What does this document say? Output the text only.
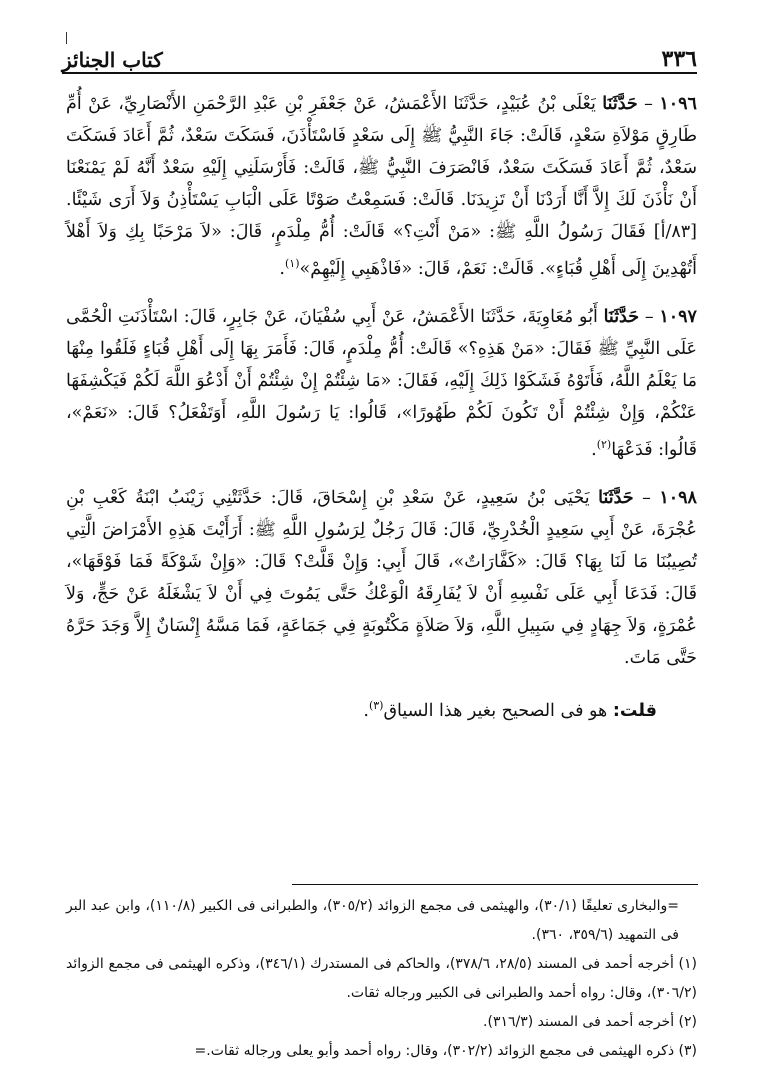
٣٣٦
كتاب الجنائز

١٠٩٦ – حَدَّثَنَا يَعْلَى بْنُ عُبَيْدٍ، حَدَّثَنَا الأَعْمَشُ، عَنْ جَعْفَرِ بْنِ عَبْدِ الرَّحْمَنِ الأَنْصَارِيِّ، عَنْ أُمِّ طَارِقٍ مَوْلاَةِ سَعْدٍ، قَالَتْ: جَاءَ النَّبِيُّ ﷺ إِلَى سَعْدٍ فَاسْتَأْذَنَ، فَسَكَتَ سَعْدٌ، ثُمَّ أَعَادَ فَسَكَتَ سَعْدٌ، ثُمَّ أَعَادَ فَسَكَتَ سَعْدٌ، فَانْصَرَفَ النَّبِيُّ ﷺ، قَالَتْ: فَأَرْسَلَنِي إِلَيْهِ سَعْدٌ أَنَّهُ لَمْ يَمْنَعْنَا أَنْ نَأْذَنَ لَكَ إِلاَّ أَنَّا أَرَدْنَا أَنْ تَزِيدَنَا. قَالَتْ: فَسَمِعْتُ صَوْتًا عَلَى الْبَابِ يَسْتَأْذِنُ وَلاَ أَرَى شَيْئًا. [٨٣/أ] فَقَالَ رَسُولُ اللَّهِ ﷺ: «مَنْ أَنْتِ؟» قَالَتْ: أُمُّ مِلْدَمٍ، قَالَ: «لاَ مَرْحَبًا بِكِ وَلاَ أَهْلاً أَتُهْدِينَ إِلَى أَهْلِ قُبَاءٍ». قَالَتْ: نَعَمْ، قَالَ: «فَاذْهَبِي إِلَيْهِمْ»$^{(١)}$.

١٠٩٧ – حَدَّثَنَا أَبُو مُعَاوِيَةَ، حَدَّثَنَا الأَعْمَشُ، عَنْ أَبِي سُفْيَانَ، عَنْ جَابِرٍ، قَالَ: اسْتَأْذَنَتِ الْحُمَّى عَلَى النَّبِيِّ ﷺ فَقَالَ: «مَنْ هَذِهِ؟» قَالَتْ: أُمُّ مِلْدَمٍ، قَالَ: فَأَمَرَ بِهَا إِلَى أَهْلِ قُبَاءٍ فَلَقُوا مِنْهَا مَا يَعْلَمُ اللَّهُ، فَأَتَوْهُ فَشَكَوْا ذَلِكَ إِلَيْهِ، فَقَالَ: «مَا شِئْتُمْ إِنْ شِئْتُمْ أَنْ أَدْعُوَ اللَّهَ لَكُمْ فَيَكْشِفَهَا عَنْكُمْ، وَإِنْ شِئْتُمْ أَنْ تَكُونَ لَكُمْ طَهُورًا»، قَالُوا: يَا رَسُولَ اللَّهِ، أَوَتَفْعَلُ؟ قَالَ: «نَعَمْ»، قَالُوا: فَدَعْهَا$^{(٢)}$.

١٠٩٨ – حَدَّثَنَا يَحْيَى بْنُ سَعِيدٍ، عَنْ سَعْدِ بْنِ إِسْحَاقَ، قَالَ: حَدَّثَتْنِي زَيْنَبُ ابْنَةُ كَعْبِ بْنِ عُجْرَةَ، عَنْ أَبِي سَعِيدٍ الْخُدْرِيِّ، قَالَ: قَالَ رَجُلٌ لِرَسُولِ اللَّهِ ﷺ: أَرَأَيْتَ هَذِهِ الأَمْرَاضَ الَّتِي تُصِيبُنَا مَا لَنَا بِهَا؟ قَالَ: «كَفَّارَاتٌ»، قَالَ أَبِي: وَإِنْ قَلَّتْ؟ قَالَ: «وَإِنْ شَوْكَةً فَمَا فَوْقَهَا»، قَالَ: فَدَعَا أَبِي عَلَى نَفْسِهِ أَنْ لاَ يُفَارِقَهُ الْوَعْكُ حَتَّى يَمُوتَ فِي أَنْ لاَ يَشْغَلَهُ عَنْ حَجٍّ، وَلاَ عُمْرَةٍ، وَلاَ جِهَادٍ فِي سَبِيلِ اللَّهِ، وَلاَ صَلاَةٍ مَكْتُوبَةٍ فِي جَمَاعَةٍ، فَمَا مَسَّهُ إِنْسَانٌ إِلاَّ وَجَدَ حَرَّهُ حَتَّى مَاتَ.

قلت: هو فى الصحيح بغير هذا السياق$^{(٣)}$.

=والبخارى تعليقًا (٣٠/١)، والهيثمى فى مجمع الزوائد (٣٠٥/٢)، والطبرانى فى الكبير (١١٠/٨)، وابن عبد البر فى التمهيد (٣٥٩/٦، ٣٦٠).

(١) أخرجه أحمد فى المسند (٢٨/٥، ٣٧٨/٦)، والحاكم فى المستدرك (٣٤٦/١)، وذكره الهيثمى فى مجمع الزوائد (٣٠٦/٢)، وقال: رواه أحمد والطبرانى فى الكبير ورجاله ثقات.

(٢) أخرجه أحمد فى المسند (٣١٦/٣).

(٣) ذكره الهيثمى فى مجمع الزوائد (٣٠٢/٢)، وقال: رواه أحمد وأبو يعلى ورجاله ثقات.=
